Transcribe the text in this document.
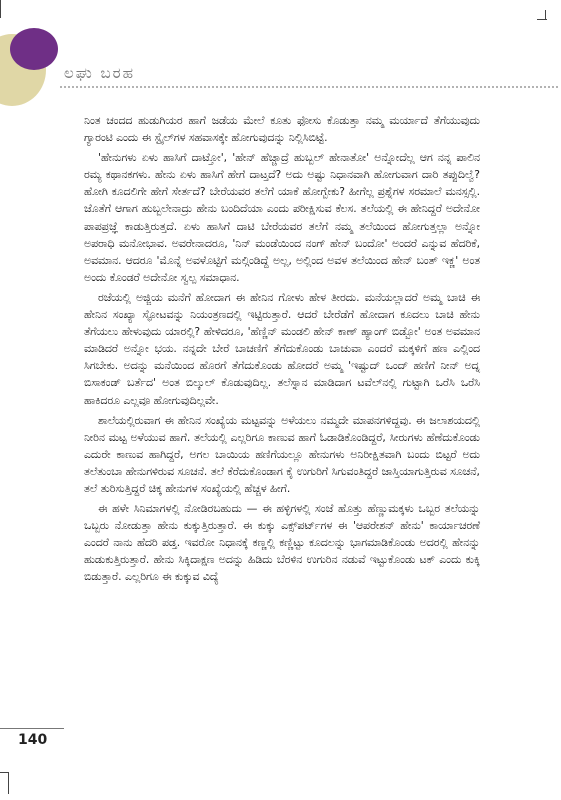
ಲಘು ಬರಹ

ನಿಂತ ಚಂದದ ಹುಡುಗಿಯರ ಹಾಗೆ ಜಡೆಯ ಮೇಲೆ ಕೂತು ಫೋಸು ಕೊಡುತ್ತಾ ನಮ್ಮ ಮರ್ಯಾದೆ ತೆಗೆಯುವುದು ಗ್ಯಾರಂಟಿ ಎಂದು ಈ ಸ್ಟೈಲ್‌ಗಳ ಸಹವಾಸಕ್ಕೇ ಹೋಗುವುದನ್ನು ನಿಲ್ಲಿಸಿಬಿಟ್ಟೆ.

'ಹೇನುಗಳು ಏಳು ಹಾಸಿಗೆ ದಾಟ್ತೋ', 'ಹೇನ್ ಹೆಚ್ಚಾದ್ರೆ ಹುಬ್ಬಲ್ ಹೇನಾತೋ' ಅನ್ನೋದೆಲ್ಲ ಆಗ ನನ್ನ ಪಾಲಿನ ರಮ್ಯ ಕಥಾನಕಗಳು. ಹೇನು ಏಳು ಹಾಸಿಗೆ ಹೇಗೆ ದಾಟ್ತದೆ? ಅದು ಅಷ್ಟು ನಿಧಾನವಾಗಿ ಹೋಗುವಾಗ ದಾರಿ ತಪ್ಪುದಿಲ್ವೆ? ಹೋಗಿ ಕೂದಲಿಗೇ ಹೇಗೆ ಸೇರ್ತದೆ? ಬೇರೆಯವರ ತಲೆಗೆ ಯಾಕೆ ಹೋಗ್ಬೇಕು? ಹೀಗೆಲ್ಲ ಪ್ರಶ್ನೆಗಳ ಸರಮಾಲೆ ಮನಸ್ಸಲ್ಲಿ. ಜೊತೆಗೆ ಆಗಾಗ ಹುಬ್ಬಲೇನಾದ್ರು ಹೇನು ಬಂದಿದೆಯಾ ಎಂದು ಪರೀಕ್ಷಿಸುವ ಕೆಲಸ. ತಲೆಯಲ್ಲಿ ಈ ಹೇನಿದ್ದರೆ ಅದೇನೋ ಪಾಪಪ್ರಜ್ಞೆ ಕಾಡುತ್ತಿರುತ್ತದೆ. ಏಳು ಹಾಸಿಗೆ ದಾಟಿ ಬೇರೆಯವರ ತಲೆಗೆ ನಮ್ಮ ತಲೆಯಿಂದ ಹೋಗುತ್ತಲ್ಲಾ ಅನ್ನೋ ಅಪರಾಧಿ ಮನೋಭಾವ. ಅವರೇನಾದರೂ, 'ನಿನ್ ಮಂಡೆಯಿಂದ ನಂಗ್ ಹೇನ್ ಬಂದೋ' ಅಂದರೆ ಎನ್ನುವ ಹೆದರಿಕೆ, ಅವಮಾನ. ಆದರೂ 'ಮೊನ್ನೆ ಅವಳೊಟ್ಟಿಗೆ ಮಲ್ಗಿಂಡಿದ್ದೆ ಅಲ್ಲ, ಅಲ್ಲಿಂದ ಅವಳ ತಲೆಯಿಂದ ಹೇನ್ ಬಂತ್ ಇಕ್ಣ' ಅಂತ ಅಂದು ಕೊಂಡರೆ ಅದೇನೋ ಸ್ವಲ್ಪ ಸಮಾಧಾನ.

ರಜೆಯಲ್ಲಿ ಅಜ್ಜಿಯ ಮನೆಗೆ ಹೋದಾಗ ಈ ಹೇನಿನ ಗೋಳು ಹೇಳ ತೀರದು. ಮನೆಯಲ್ಲಾದರೆ ಅಮ್ಮ ಬಾಚಿ ಈ ಹೇನಿನ ಸಂಖ್ಯಾ ಸ್ಫೋಟವನ್ನು ನಿಯಂತ್ರಣದಲ್ಲಿ ಇಟ್ಟಿರುತ್ತಾರೆ. ಆದರೆ ಬೇರೆಡೆಗೆ ಹೋದಾಗ ಕೂದಲು ಬಾಚಿ ಹೇನು ತೆಗೆಯಲು ಹೇಳುವುದು ಯಾರಲ್ಲಿ? ಹೇಳಿದರೂ, 'ಹೆಣ್ಣಿನ್ ಮಂಡಲಿ ಹೇನ್ ಕಾಣ್ ಹ್ಯಾಂಗ್ ಬಿಡ್ಬೋ' ಅಂತ ಅವಮಾನ ಮಾಡಿದರೆ ಅನ್ನೋ ಭಯ. ನನ್ನದೇ ಬೇರೆ ಬಾಚಣಿಗೆ ತೆಗೆದುಕೊಂಡು ಬಾಚುವಾ ಎಂದರೆ ಮಕ್ಕಳಿಗೆ ಹಣ ಎಲ್ಲಿಂದ ಸಿಗಬೇಕು. ಅದನ್ನು ಮನೆಯಿಂದ ಹೊರಗೆ ತೆಗೆದುಕೊಂಡು ಹೋದರೆ ಅಮ್ಮ 'ಇಷ್ಟುದ್ ಒಂದ್ ಹಣಿಗೆ ನೀನ್ ಅದ್ನ ಬಿಸಾಕಂಡ್ ಬರ್ತೆದ' ಅಂತ ಬಿಲ್ಕುಲ್ ಕೊಡುವುದಿಲ್ಲ. ತಲೆಸ್ನಾನ ಮಾಡಿದಾಗ ಟವೆಲ್‌ನಲ್ಲಿ ಗುಟ್ಟಾಗಿ ಒರೆಸಿ ಒರೆಸಿ ಹಾಕಿದರೂ ಎಲ್ಲವೂ ಹೋಗುವುದಿಲ್ಲವೇ.

ಶಾಲೆಯಲ್ಲಿರುವಾಗ ಈ ಹೇನಿನ ಸಂಖ್ಯೆಯ ಮಟ್ಟವನ್ನು ಅಳೆಯಲು ನಮ್ಮದೇ ಮಾಪನಗಳಿದ್ದವು. ಈ ಜಲಾಶಯದಲ್ಲಿ ನೀರಿನ ಮಟ್ಟ ಅಳೆಯುವ ಹಾಗೆ. ತಲೆಯಲ್ಲಿ ಎಲ್ಲರಿಗೂ ಕಾಣುವ ಹಾಗೆ ಓಡಾಡಿಕೊಂಡಿದ್ದರೆ, ಸೀರುಗಳು ಹೆಣೆದುಕೊಂಡು ಎದುರೇ ಕಾಣುವ ಹಾಗಿದ್ದರೆ, ಅಗಲ ಬಾಯಿಯ ಹಣಿಗೆಯಲ್ಲೂ ಹೇನುಗಳು ಅನಿರೀಕ್ಷಿತವಾಗಿ ಬಂದು ಬಿಟ್ಟರೆ ಅದು ತಲೆತುಂಬಾ ಹೇನುಗಳಿರುವ ಸೂಚನೆ. ತಲೆ ಕೆರೆದುಕೊಂಡಾಗ ಕೈ ಉಗುರಿಗೆ ಸಿಗುವಂತಿದ್ದರೆ ಜಾಸ್ತಿಯಾಗುತ್ತಿರುವ ಸೂಚನೆ, ತಲೆ ತುರಿಸುತ್ತಿದ್ದರೆ ಚಿಕ್ಕ ಹೇನುಗಳ ಸಂಖ್ಯೆಯಲ್ಲಿ ಹೆಚ್ಚಳ ಹೀಗೆ.

ಈ ಹಳೇ ಸಿನಿಮಾಗಳಲ್ಲಿ ನೋಡಿರಬಹುದು — ಈ ಹಳ್ಳಿಗಳಲ್ಲಿ ಸಂಜೆ ಹೊತ್ತು ಹೆಣ್ಣುಮಕ್ಕಳು ಒಬ್ಬರ ತಲೆಯನ್ನು ಒಬ್ಬರು ನೋಡುತ್ತಾ ಹೇನು ಕುಕ್ಕುತ್ತಿರುತ್ತಾರೆ. ಈ ಕುಕ್ಕು ಎಕ್ಸ್‌ಪರ್ಟ್‌ಗಳ ಈ 'ಆಪರೇಶನ್ ಹೇನು' ಕಾರ್ಯಾಚರಣೆ ಎಂದರೆ ನಾನು ಹೆದರಿ ಪಡ್ತ. ಇವರೋ ನಿಧಾನಕ್ಕೆ ಕಣ್ಣಲ್ಲಿ ಕಣ್ಣಿಟ್ಟು ಕೂದಲನ್ನು ಭಾಗಮಾಡಿಕೊಂಡು ಅದರಲ್ಲಿ ಹೇನನ್ನು ಹುಡುಕುತ್ತಿರುತ್ತಾರೆ. ಹೇನು ಸಿಕ್ಕಿದಾಕ್ಷಣ ಅದನ್ನು ಹಿಡಿದು ಬೆರಳಿನ ಉಗುರಿನ ನಡುವೆ ಇಟ್ಟುಕೊಂಡು ಟಕ್ ಎಂದು ಕುಕ್ಕಿ ಬಿಡುತ್ತಾರೆ. ಎಲ್ಲರಿಗೂ ಈ ಕುಕ್ಕುವ ವಿದ್ಯೆ

140
